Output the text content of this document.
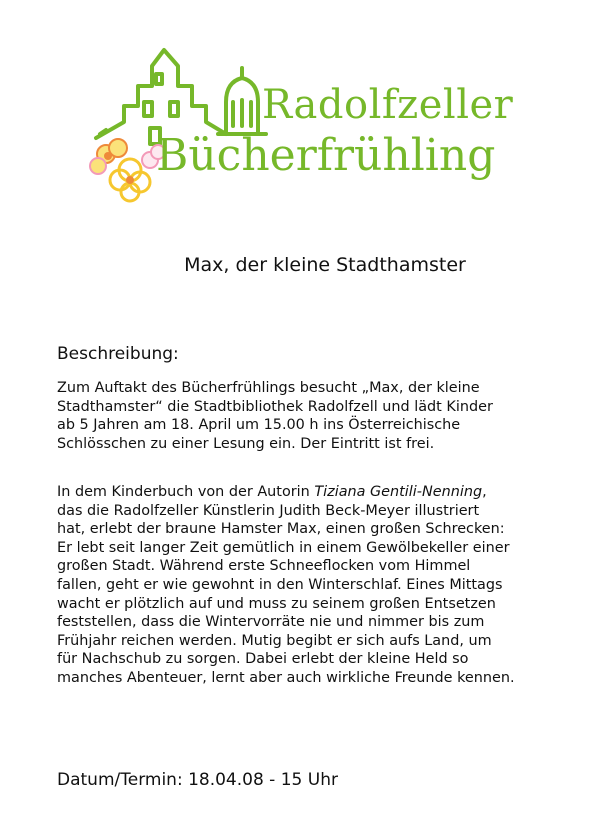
Radolfzeller
Bücherfrühling
Max, der kleine Stadthamster
Beschreibung:

Zum Auftakt des Bücherfrühlings besucht „Max, der kleine
Stadthamster“ die Stadtbibliothek Radolfzell und lädt Kinder
ab 5 Jahren am 18. April um 15.00 h ins Österreichische
Schlösschen zu einer Lesung ein. Der Eintritt ist frei.

In dem Kinderbuch von der Autorin Tiziana Gentili-Nenning,
das die Radolfzeller Künstlerin Judith Beck-Meyer illustriert
hat, erlebt der braune Hamster Max, einen großen Schrecken:
Er lebt seit langer Zeit gemütlich in einem Gewölbekeller einer
großen Stadt. Während erste Schneeflocken vom Himmel
fallen, geht er wie gewohnt in den Winterschlaf. Eines Mittags
wacht er plötzlich auf und muss zu seinem großen Entsetzen
feststellen, dass die Wintervorräte nie und nimmer bis zum
Frühjahr reichen werden. Mutig begibt er sich aufs Land, um
für Nachschub zu sorgen. Dabei erlebt der kleine Held so
manches Abenteuer, lernt aber auch wirkliche Freunde kennen.

Datum/Termin: 18.04.08 - 15 Uhr
